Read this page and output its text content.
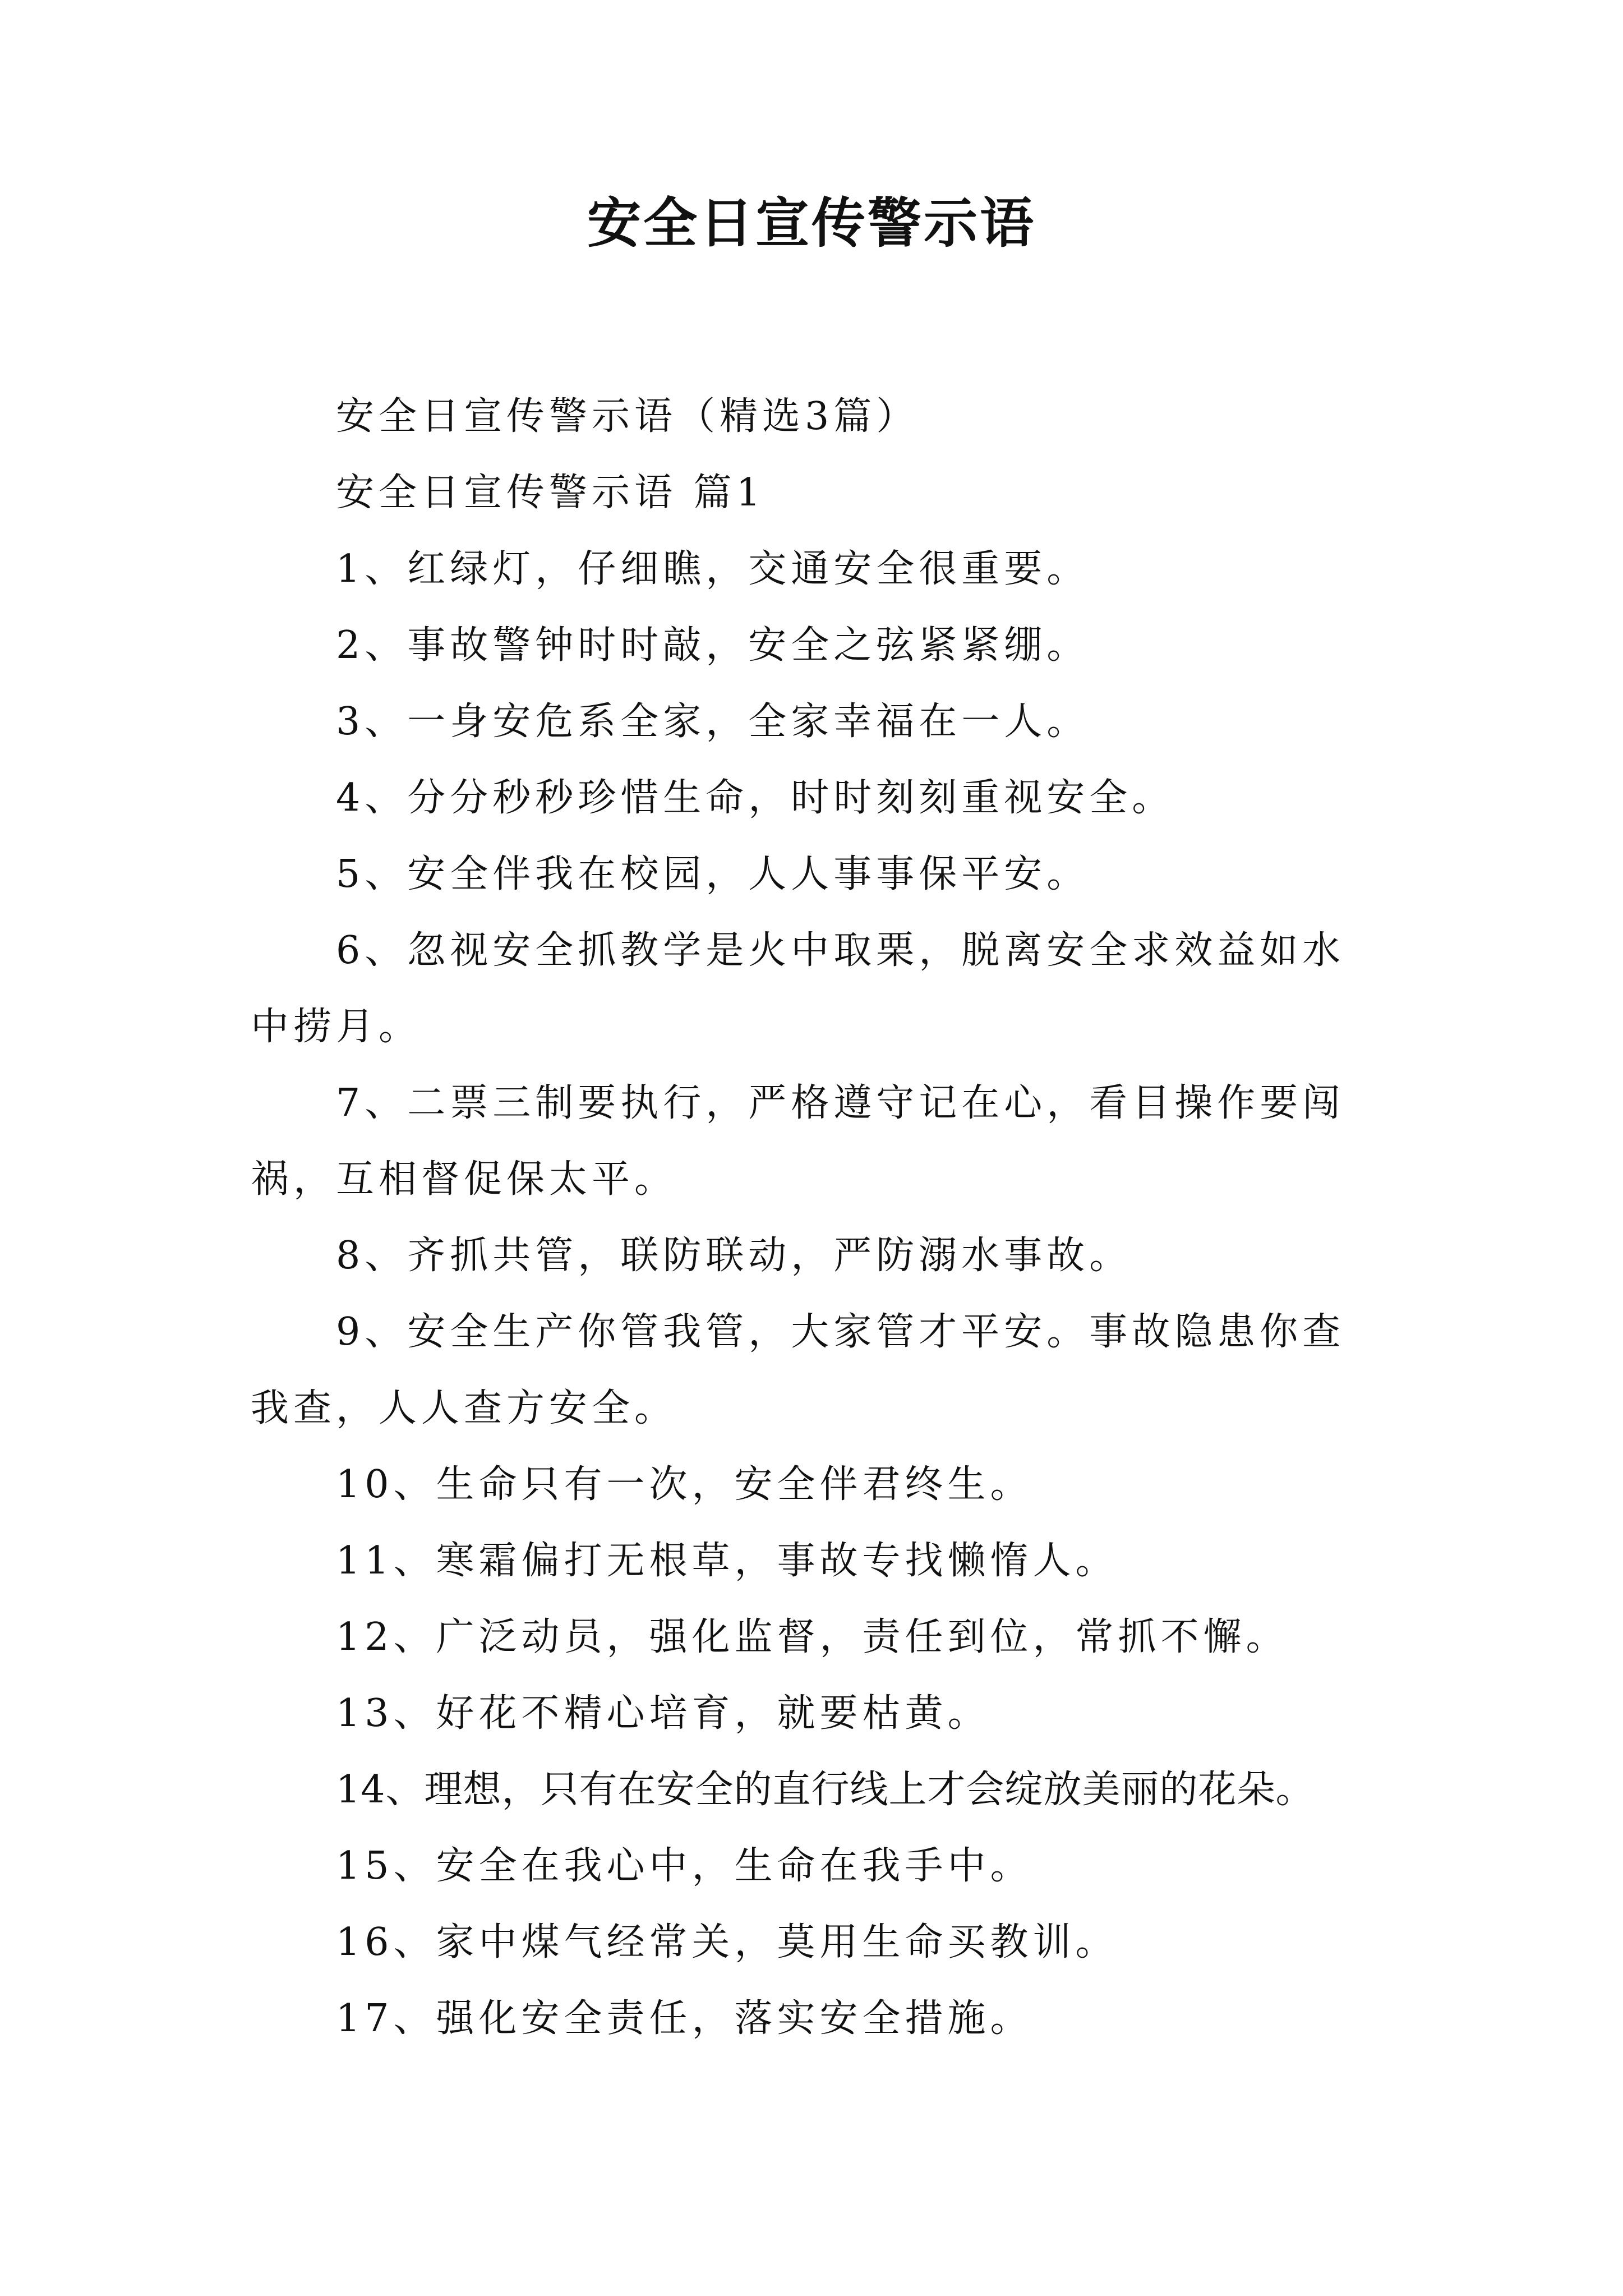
安全日宣传警示语

安全日宣传警示语（精选3篇）

安全日宣传警示语 篇1

1、红绿灯，仔细瞧，交通安全很重要。

2、事故警钟时时敲，安全之弦紧紧绷。

3、一身安危系全家，全家幸福在一人。

4、分分秒秒珍惜生命，时时刻刻重视安全。

5、安全伴我在校园，人人事事保平安。

6、忽视安全抓教学是火中取栗，脱离安全求效益如水中捞月。

7、二票三制要执行，严格遵守记在心，看目操作要闯祸，互相督促保太平。

8、齐抓共管，联防联动，严防溺水事故。

9、安全生产你管我管，大家管才平安。事故隐患你查我查，人人查方安全。

10、生命只有一次，安全伴君终生。

11、寒霜偏打无根草，事故专找懒惰人。

12、广泛动员，强化监督，责任到位，常抓不懈。

13、好花不精心培育，就要枯黄。

14、理想，只有在安全的直行线上才会绽放美丽的花朵。

15、安全在我心中，生命在我手中。

16、家中煤气经常关，莫用生命买教训。

17、强化安全责任，落实安全措施。
